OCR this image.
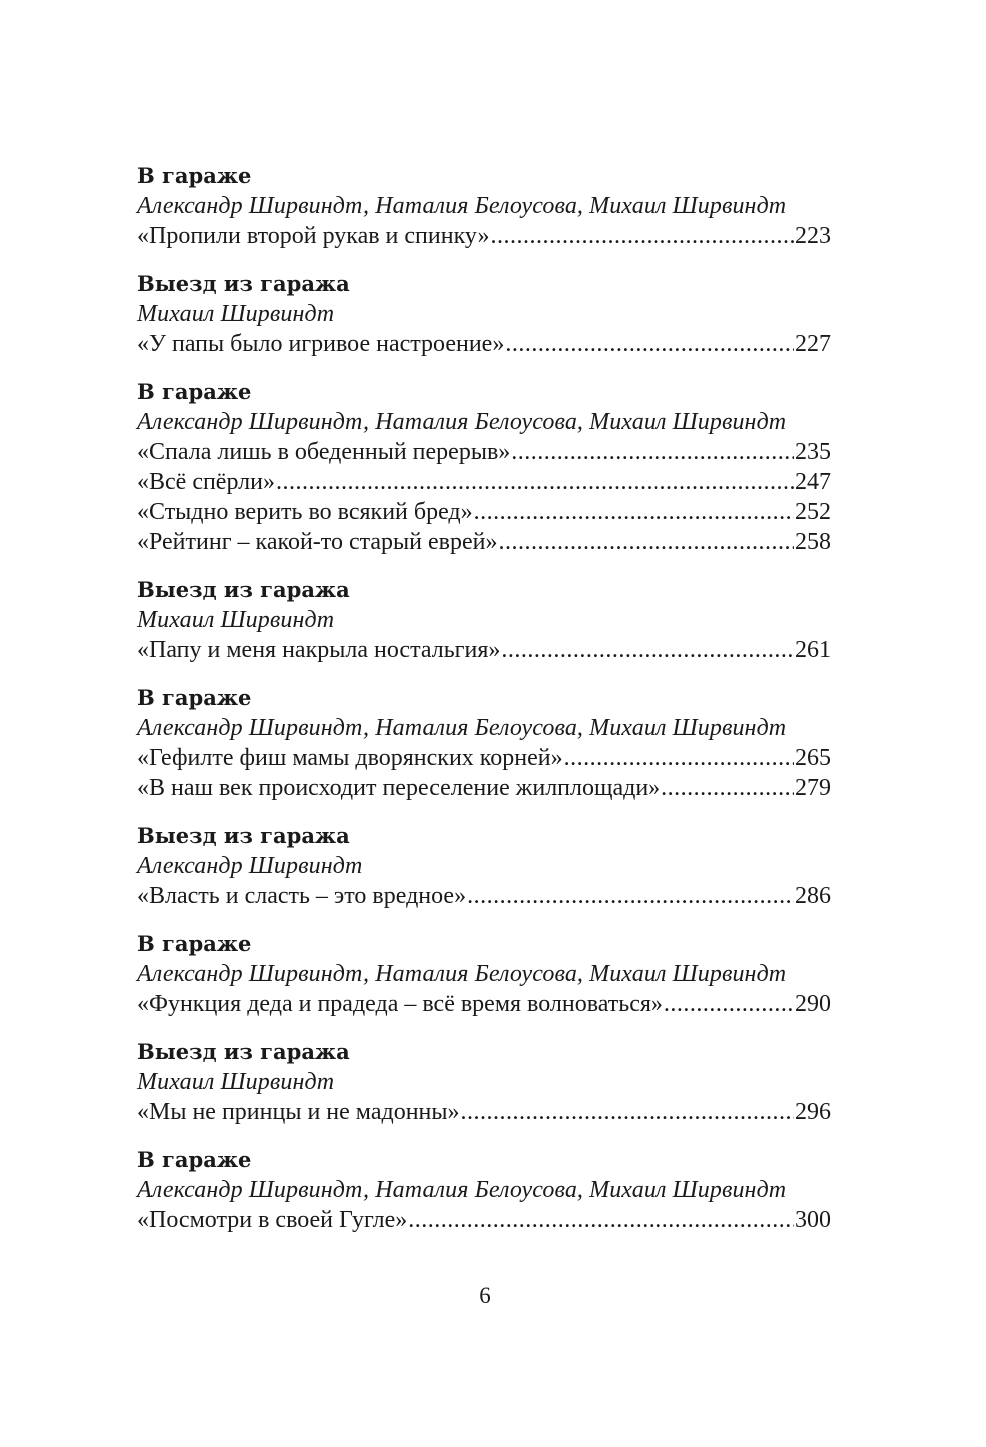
В гараже
Александр Ширвиндт, Наталия Белоусова, Михаил Ширвиндт
«Пропили второй рукав и спинку» .....	223
Выезд из гаража
Михаил Ширвиндт
«У папы было игривое настроение» .....	227
В гараже
Александр Ширвиндт, Наталия Белоусова, Михаил Ширвиндт
«Спала лишь в обеденный перерыв» .....	235
«Всё спёрли» .....	247
«Стыдно верить во всякий бред» .....	252
«Рейтинг – какой-то старый еврей» .....	258
Выезд из гаража
Михаил Ширвиндт
«Папу и меня накрыла ностальгия» .....	261
В гараже
Александр Ширвиндт, Наталия Белоусова, Михаил Ширвиндт
«Гефилте фиш мамы дворянских корней» .....	265
«В наш век происходит переселение жилплощади» .....	279
Выезд из гаража
Александр Ширвиндт
«Власть и сласть – это вредное» .....	286
В гараже
Александр Ширвиндт, Наталия Белоусова, Михаил Ширвиндт
«Функция деда и прадеда – всё время волноваться» .....	290
Выезд из гаража
Михаил Ширвиндт
«Мы не принцы и не мадонны» .....	296
В гараже
Александр Ширвиндт, Наталия Белоусова, Михаил Ширвиндт
«Посмотри в своей Гугле» .....	300
6
